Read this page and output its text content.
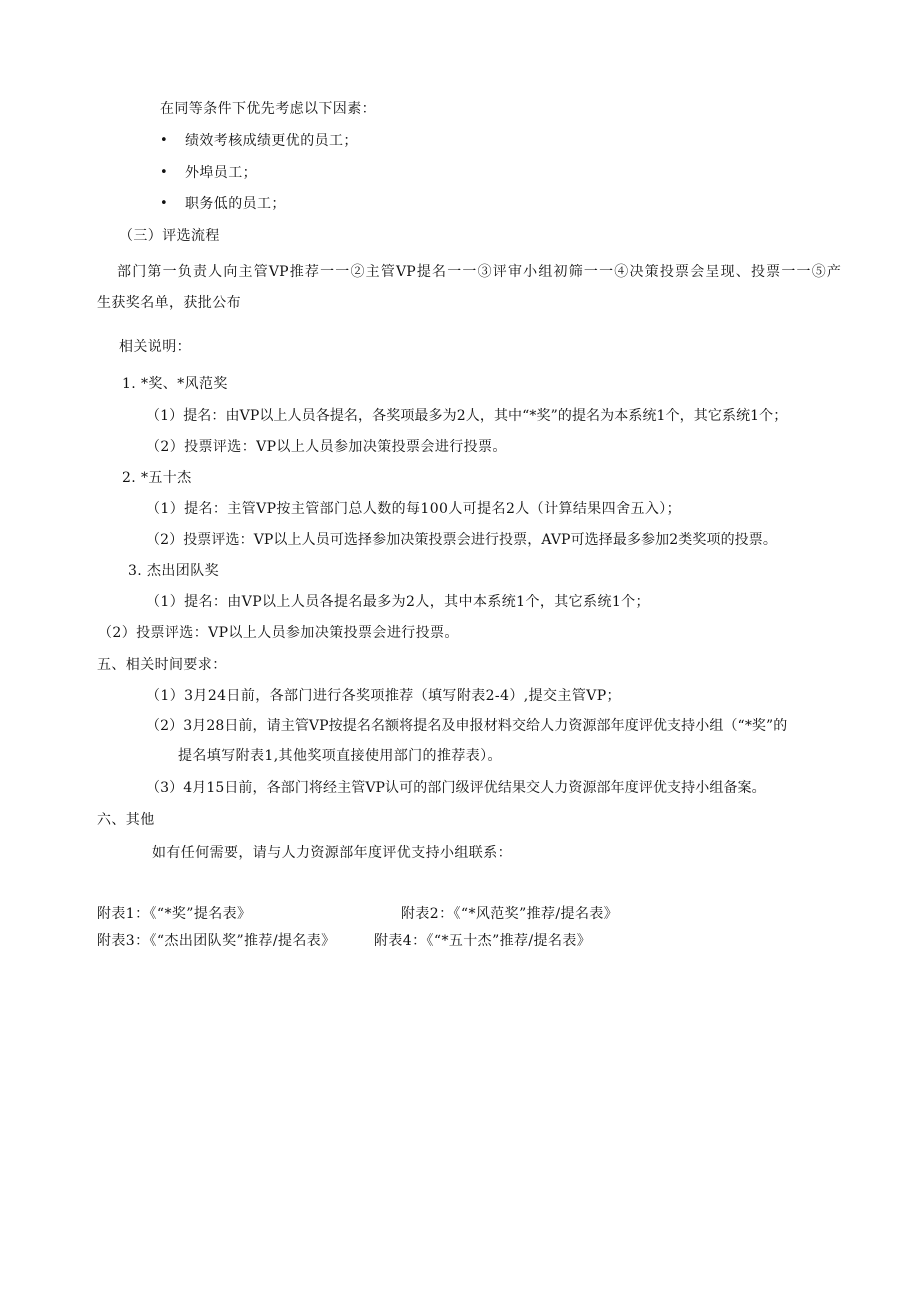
在同等条件下优先考虑以下因素：
• 绩效考核成绩更优的员工；
• 外埠员工；
• 职务低的员工；
（三）评选流程
部门第一负责人向主管VP推荐一一②主管VP提名一一③评审小组初筛一一④决策投票会呈现、投票一一⑤产
生获奖名单，获批公布
相关说明：
1. *奖、*风范奖
（1）提名：由VP以上人员各提名，各奖项最多为2人，其中“*奖”的提名为本系统1个，其它系统1个；
（2）投票评选：VP以上人员参加决策投票会进行投票。
2. *五十杰
（1）提名：主管VP按主管部门总人数的每100人可提名2人（计算结果四舍五入）；
（2）投票评选：VP以上人员可选择参加决策投票会进行投票，AVP可选择最多参加2类奖项的投票。
3. 杰出团队奖
（1）提名：由VP以上人员各提名最多为2人，其中本系统1个，其它系统1个；
（2）投票评选：VP以上人员参加决策投票会进行投票。
五、相关时间要求：
（1）3月24日前，各部门进行各奖项推荐（填写附表2-4）,提交主管VP；
（2）3月28日前，请主管VP按提名名额将提名及申报材料交给人力资源部年度评优支持小组（“*奖”的
提名填写附表1,其他奖项直接使用部门的推荐表）。
（3）4月15日前，各部门将经主管VP认可的部门级评优结果交人力资源部年度评优支持小组备案。
六、其他
如有任何需要，请与人力资源部年度评优支持小组联系：
附表1：《“*奖”提名表》	附表2：《“*风范奖”推荐/提名表》
附表3：《“杰出团队奖”推荐/提名表》	附表4：《“*五十杰”推荐/提名表》
